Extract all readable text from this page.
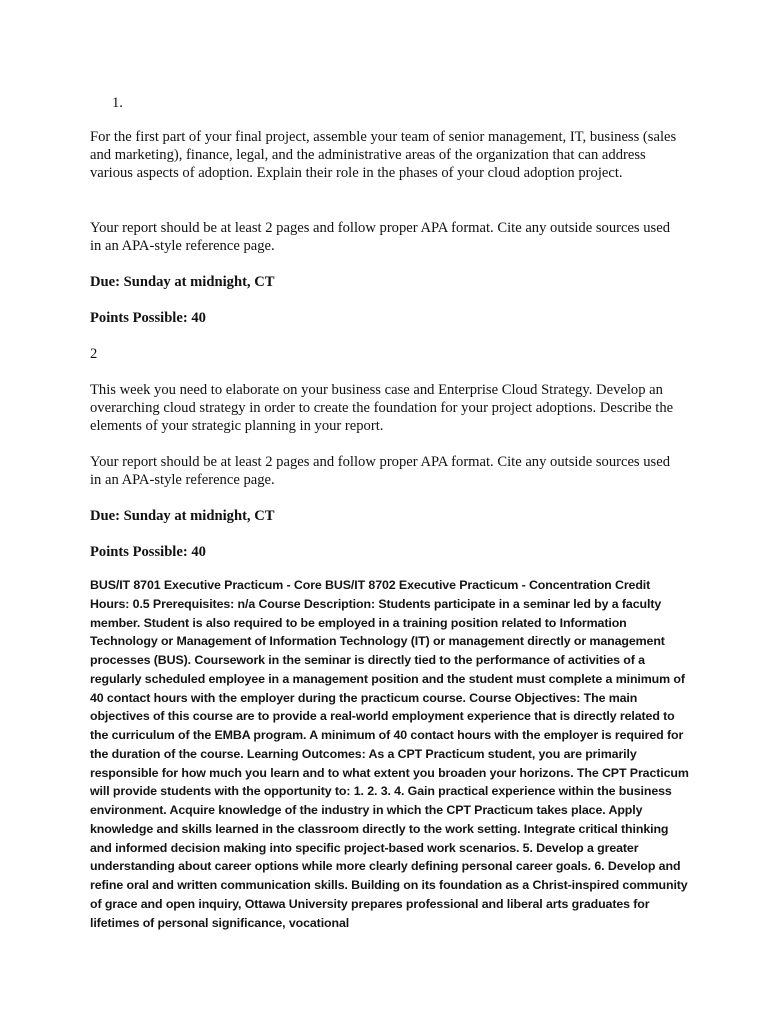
1.

For the first part of your final project, assemble your team of senior management, IT, business (sales and marketing), finance, legal, and the administrative areas of the organization that can address various aspects of adoption. Explain their role in the phases of your cloud adoption project.

Your report should be at least 2 pages and follow proper APA format. Cite any outside sources used in an APA-style reference page.

Due: Sunday at midnight, CT

Points Possible: 40

2

This week you need to elaborate on your business case and Enterprise Cloud Strategy. Develop an overarching cloud strategy in order to create the foundation for your project adoptions. Describe the elements of your strategic planning in your report.

Your report should be at least 2 pages and follow proper APA format. Cite any outside sources used in an APA-style reference page.

Due: Sunday at midnight, CT

Points Possible: 40

BUS/IT 8701 Executive Practicum - Core BUS/IT 8702 Executive Practicum - Concentration Credit Hours: 0.5 Prerequisites: n/a Course Description: Students participate in a seminar led by a faculty member. Student is also required to be employed in a training position related to Information Technology or Management of Information Technology (IT) or management directly or management processes (BUS). Coursework in the seminar is directly tied to the performance of activities of a regularly scheduled employee in a management position and the student must complete a minimum of 40 contact hours with the employer during the practicum course. Course Objectives: The main objectives of this course are to provide a real-world employment experience that is directly related to the curriculum of the EMBA program. A minimum of 40 contact hours with the employer is required for the duration of the course. Learning Outcomes: As a CPT Practicum student, you are primarily responsible for how much you learn and to what extent you broaden your horizons. The CPT Practicum will provide students with the opportunity to: 1. 2. 3. 4. Gain practical experience within the business environment. Acquire knowledge of the industry in which the CPT Practicum takes place. Apply knowledge and skills learned in the classroom directly to the work setting. Integrate critical thinking and informed decision making into specific project-based work scenarios. 5. Develop a greater understanding about career options while more clearly defining personal career goals. 6. Develop and refine oral and written communication skills. Building on its foundation as a Christ-inspired community of grace and open inquiry, Ottawa University prepares professional and liberal arts graduates for lifetimes of personal significance, vocational
